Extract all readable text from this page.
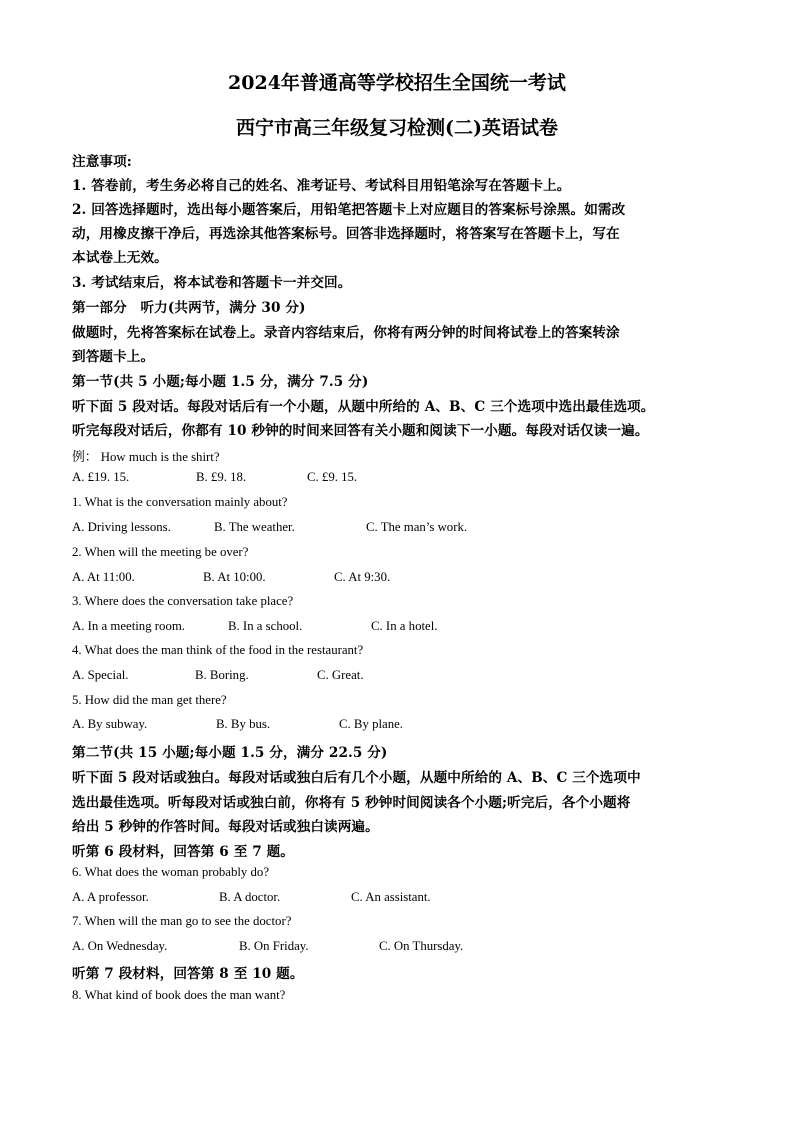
2024年普通高等学校招生全国统一考试
西宁市高三年级复习检测(二)英语试卷
注意事项:
1. 答卷前，考生务必将自己的姓名、准考证号、考试科目用铅笔涂写在答题卡上。
2. 回答选择题时，选出每小题答案后，用铅笔把答题卡上对应题目的答案标号涂黑。如需改
动，用橡皮擦干净后，再选涂其他答案标号。回答非选择题时，将答案写在答题卡上，写在
本试卷上无效。
3. 考试结束后，将本试卷和答题卡一并交回。
第一部分　听力(共两节，满分 30 分)
做题时，先将答案标在试卷上。录音内容结束后，你将有两分钟的时间将试卷上的答案转涂
到答题卡上。
第一节(共 5 小题;每小题 1.5 分，满分 7.5 分)
听下面 5 段对话。每段对话后有一个小题，从题中所给的 A、B、C 三个选项中选出最佳选项。
听完每段对话后，你都有 10 秒钟的时间来回答有关小题和阅读下一小题。每段对话仅读一遍。
例： How much is the shirt?
A. £19. 15.	B. £9. 18.	C. £9. 15.
1. What is the conversation mainly about?
A. Driving lessons.	B. The weather.	C. The man’s work.
2. When will the meeting be over?
A. At 11:00.	B. At 10:00.	C. At 9:30.
3. Where does the conversation take place?
A. In a meeting room.	B. In a school.	C. In a hotel.
4. What does the man think of the food in the restaurant?
A. Special.	B. Boring.	C. Great.
5. How did the man get there?
A. By subway.	B. By bus.	C. By plane.
第二节(共 15 小题;每小题 1.5 分，满分 22.5 分)
听下面 5 段对话或独白。每段对话或独白后有几个小题，从题中所给的 A、B、C 三个选项中
选出最佳选项。听每段对话或独白前，你将有 5 秒钟时间阅读各个小题;听完后，各个小题将
给出 5 秒钟的作答时间。每段对话或独白读两遍。
听第 6 段材料，回答第 6 至 7 题。
6. What does the woman probably do?
A. A professor.	B. A doctor.	C. An assistant.
7. When will the man go to see the doctor?
A. On Wednesday.	B. On Friday.	C. On Thursday.
听第 7 段材料，回答第 8 至 10 题。
8. What kind of book does the man want?
